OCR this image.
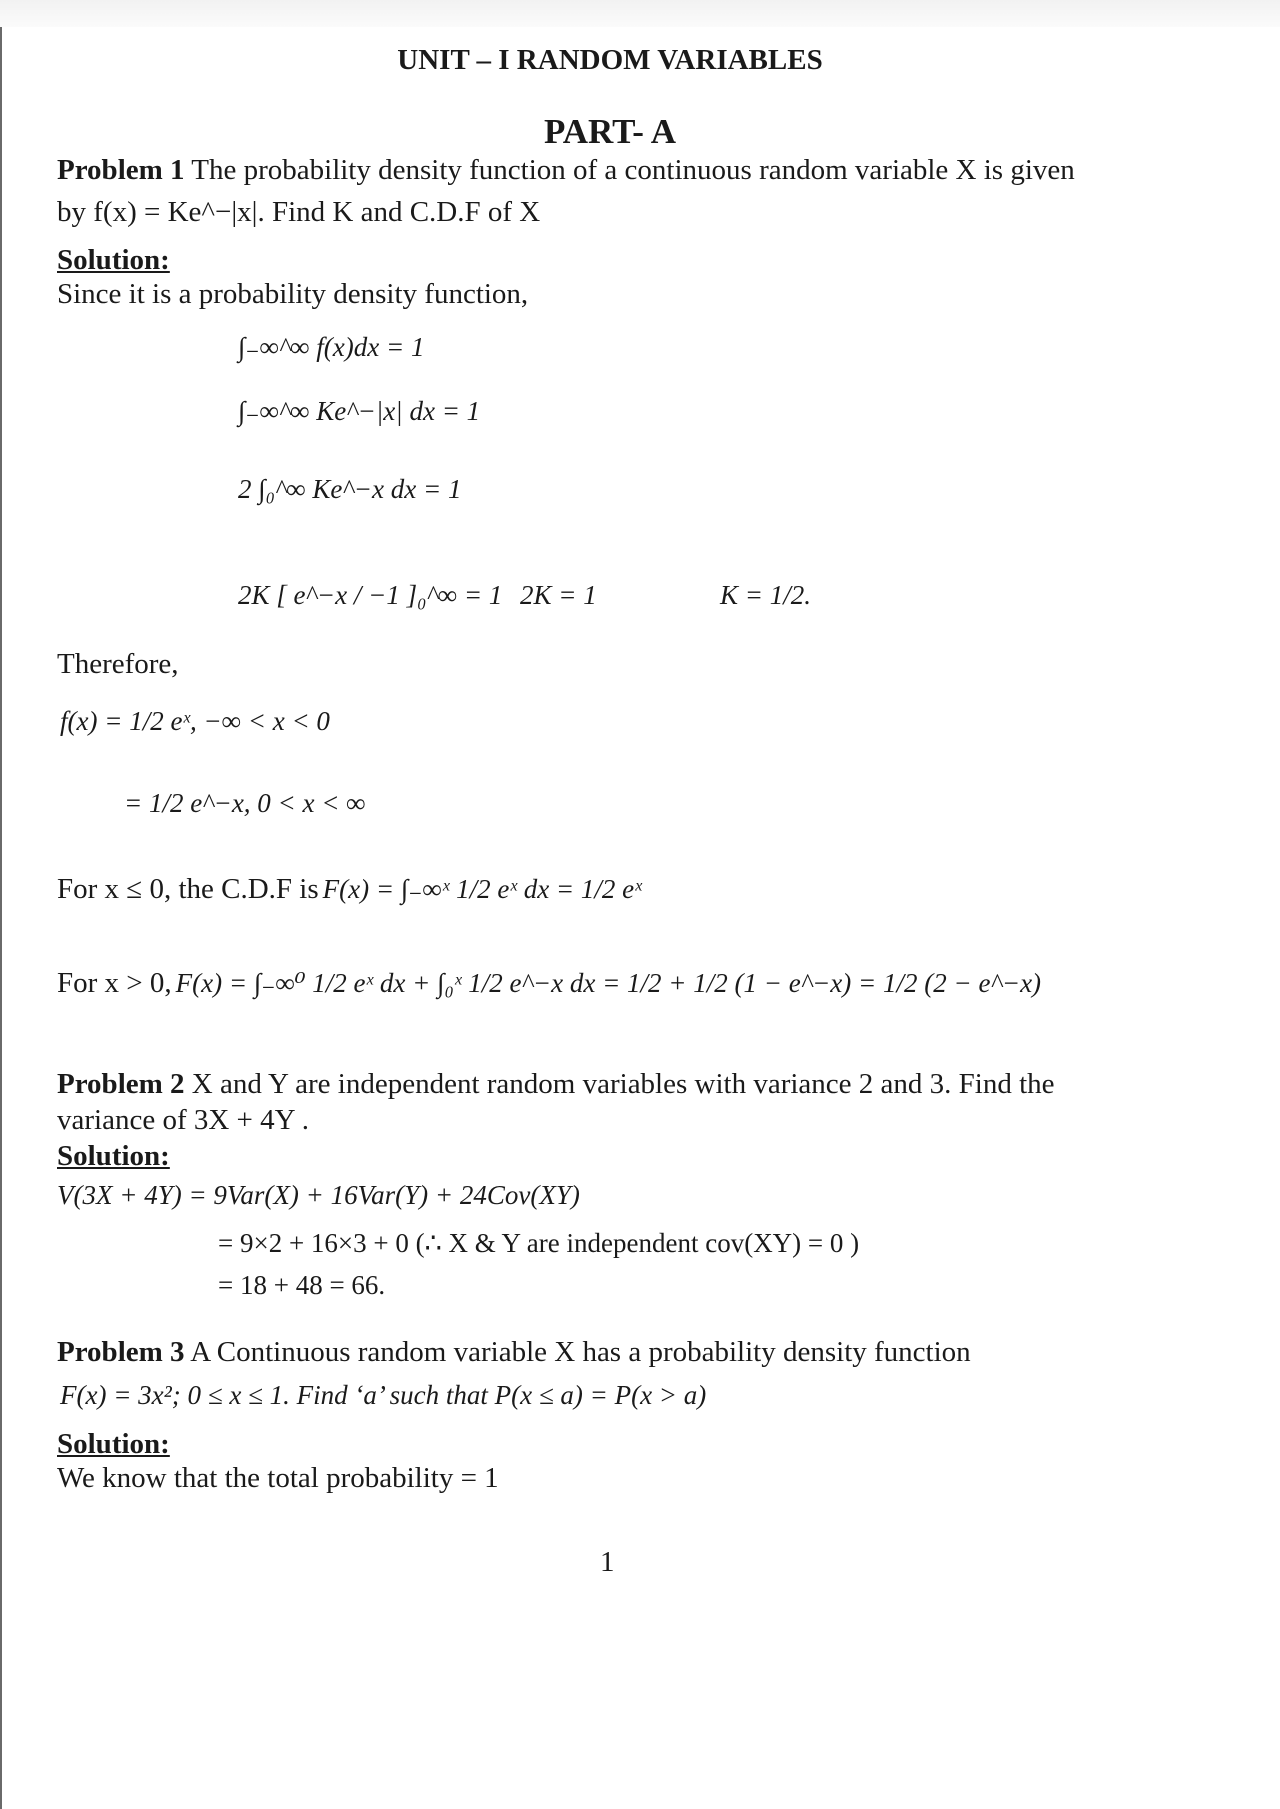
UNIT – I RANDOM VARIABLES
PART- A
Problem 1 The probability density function of a continuous random variable X is given
by f(x) = Ke^−|x|. Find K and C.D.F of X
Solution:
Since it is a probability density function,
∫₋∞^∞ f(x)dx = 1
∫₋∞^∞ Ke^−|x| dx = 1
2 ∫₀^∞ Ke^−x dx = 1
2K [ e^−x / −1 ]₀^∞ = 1 2K = 1	K = 1/2.
Therefore,
f(x) = 1/2 eˣ, −∞ < x < 0
= 1/2 e^−x, 0 < x < ∞
For x ≤ 0, the C.D.F is F(x) = ∫₋∞ˣ 1/2 eˣ dx = 1/2 eˣ
For x > 0, F(x) = ∫₋∞⁰ 1/2 eˣ dx + ∫₀ˣ 1/2 e^−x dx = 1/2 + 1/2 (1 − e^−x) = 1/2 (2 − e^−x)
Problem 2 X and Y are independent random variables with variance 2 and 3. Find the
variance of 3X + 4Y .
Solution:
V(3X + 4Y) = 9Var(X) + 16Var(Y) + 24Cov(XY)
= 9×2 + 16×3 + 0 (∴ X & Y are independent cov(XY) = 0 )
= 18 + 48 = 66.
Problem 3 A Continuous random variable X has a probability density function
F(x) = 3x²; 0 ≤ x ≤ 1. Find ‘a’ such that P(x ≤ a) = P(x > a)
Solution:
We know that the total probability = 1
1
